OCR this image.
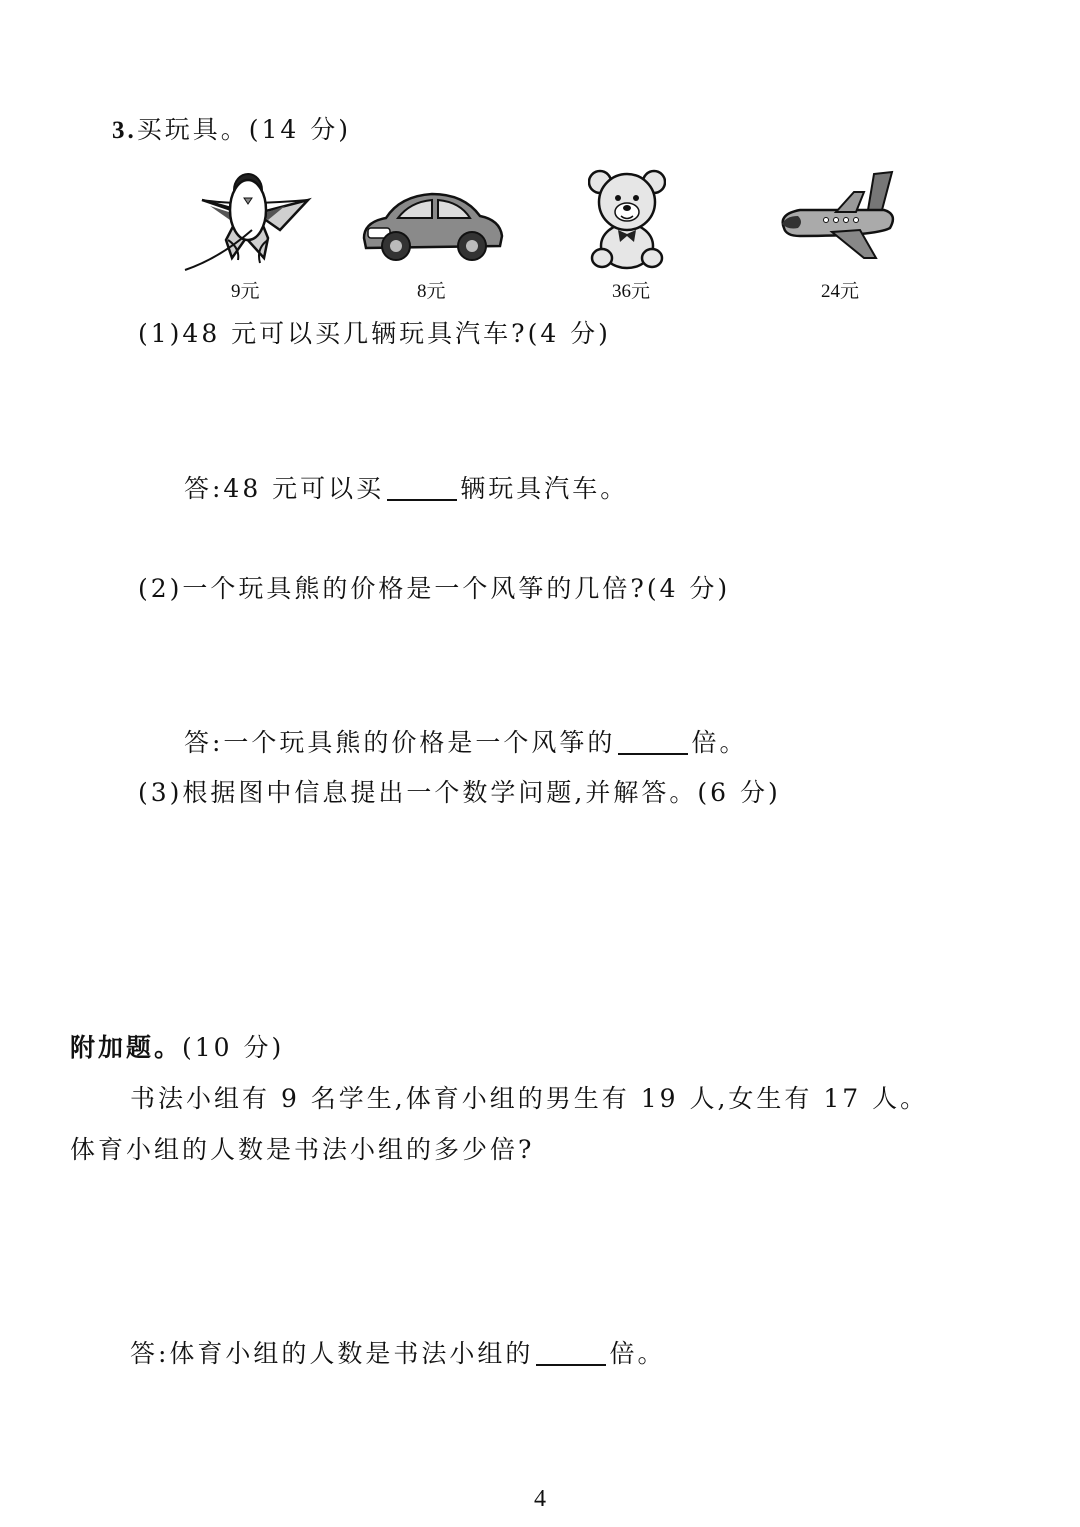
3.买玩具。(14 分)
9元	8元	36元	24元
(1)48 元可以买几辆玩具汽车?(4 分)
答:48 元可以买	辆玩具汽车。
(2)一个玩具熊的价格是一个风筝的几倍?(4 分)
答:一个玩具熊的价格是一个风筝的	倍。
(3)根据图中信息提出一个数学问题,并解答。(6 分)
附加题。(10 分)
书法小组有 9 名学生,体育小组的男生有 19 人,女生有 17 人。
体育小组的人数是书法小组的多少倍?
答:体育小组的人数是书法小组的	倍。
4
